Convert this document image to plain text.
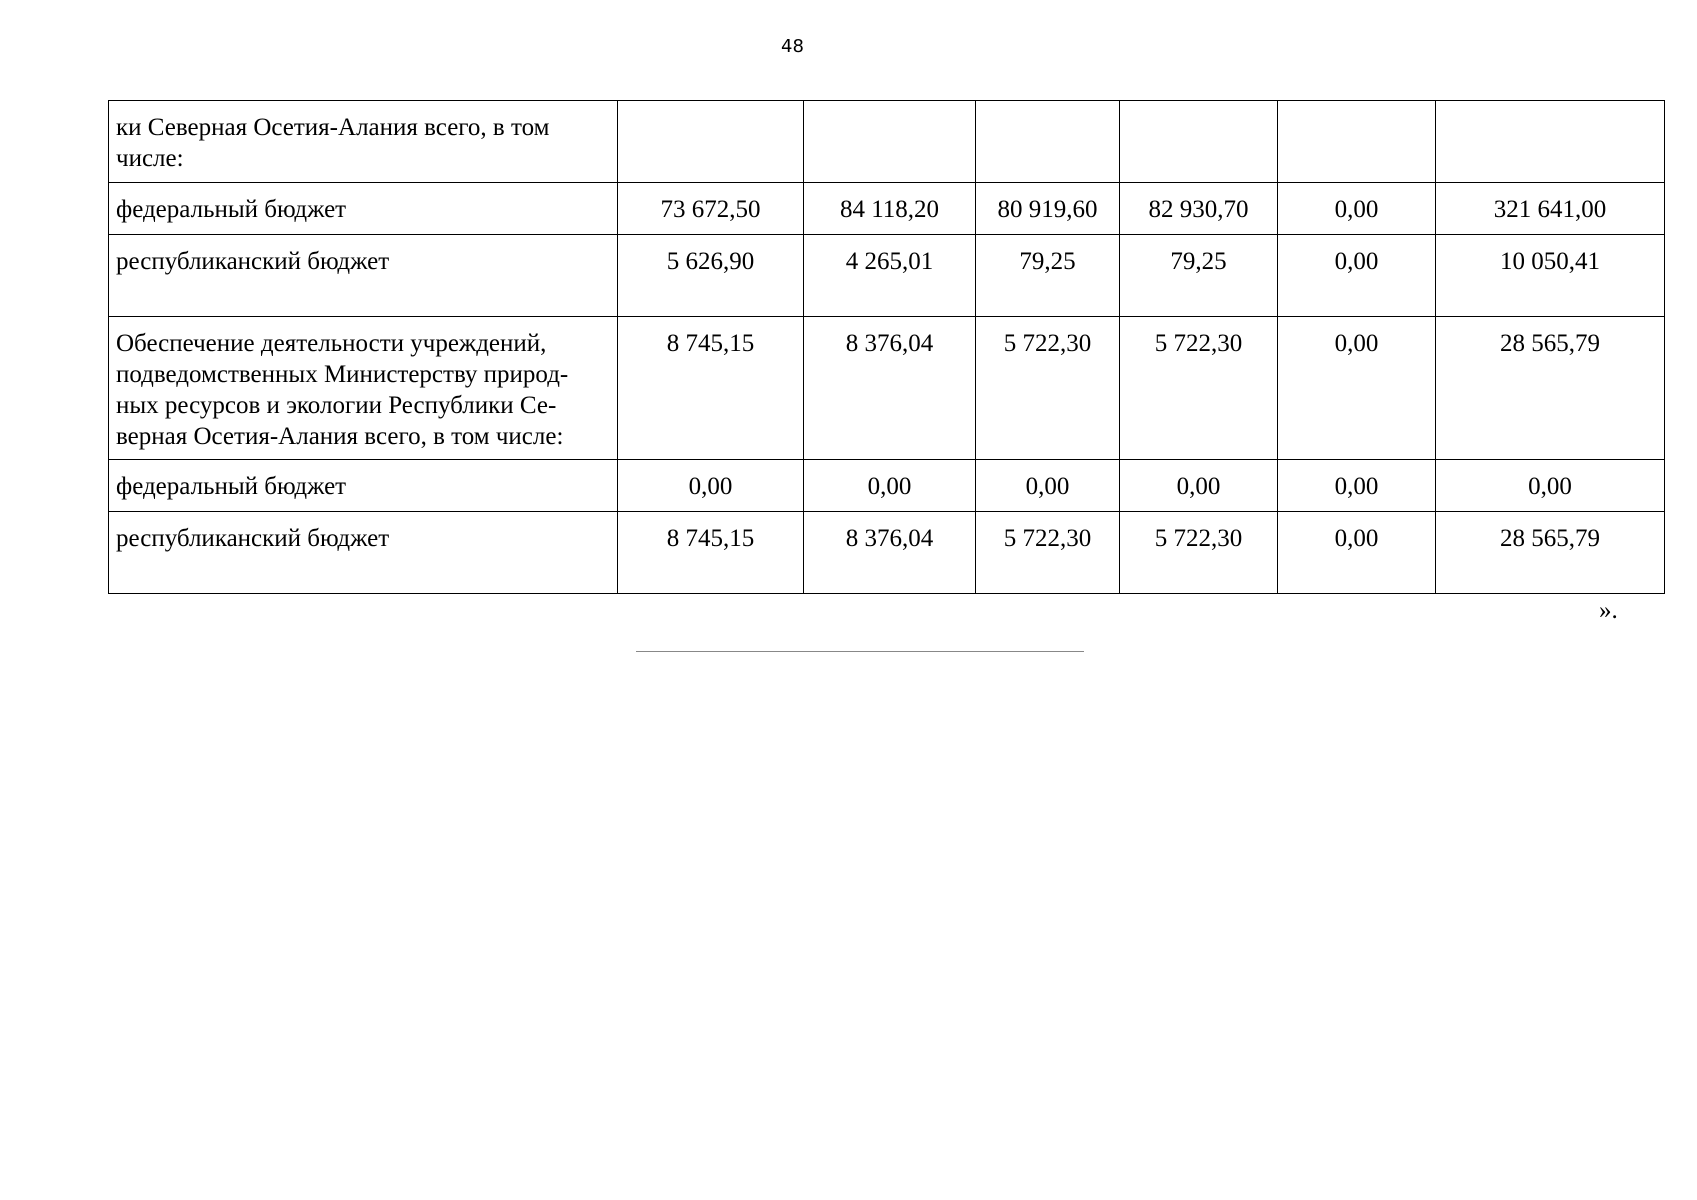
48
ки Северная Осетия-Алания всего, в том числе:						
федеральный бюджет	73 672,50	84 118,20	80 919,60	82 930,70	0,00	321 641,00
республиканский бюджет	5 626,90	4 265,01	79,25	79,25	0,00	10 050,41
Обеспечение деятельности учреждений, подведомственных Министерству природ-ных ресурсов и экологии Республики Се-верная Осетия-Алания всего, в том числе:	8 745,15	8 376,04	5 722,30	5 722,30	0,00	28 565,79
федеральный бюджет	0,00	0,00	0,00	0,00	0,00	0,00
республиканский бюджет	8 745,15	8 376,04	5 722,30	5 722,30	0,00	28 565,79
».
